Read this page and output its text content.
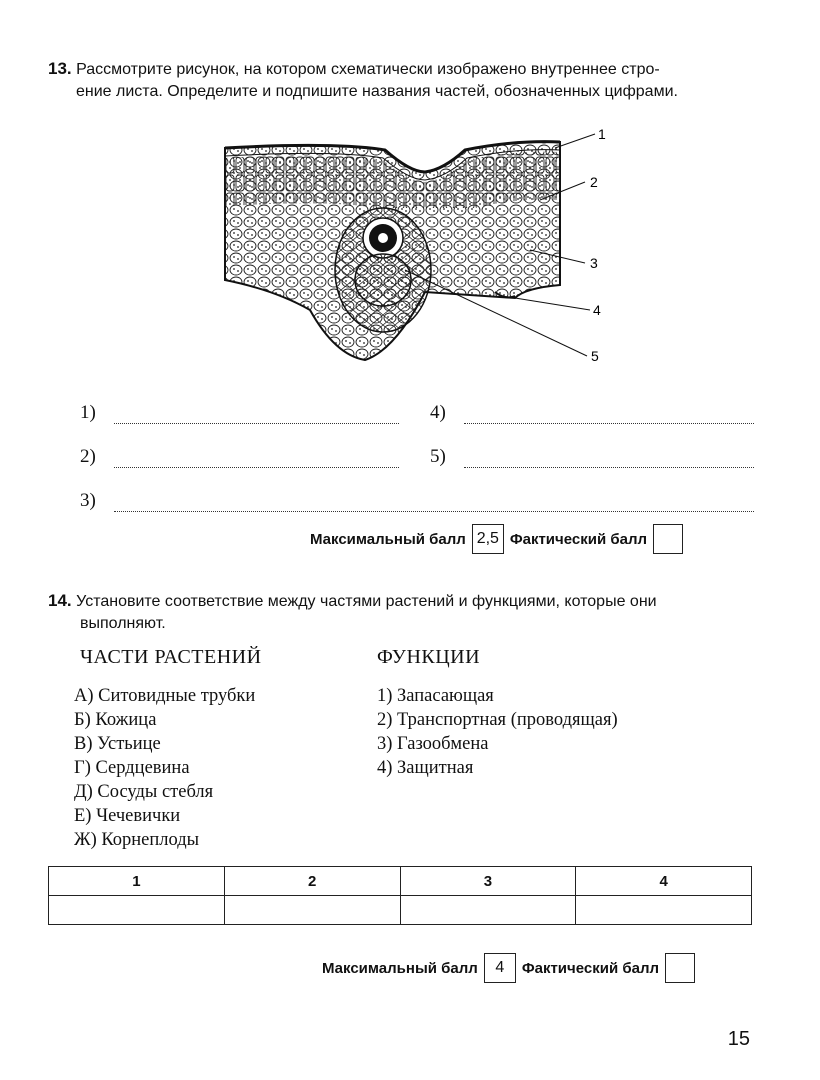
13. Рассмотрите рисунок, на котором схематически изображено внутреннее стро-
ение листа. Определите и подпишите названия частей, обозначенных цифрами.
1
2
3
4
5
1)	4)
2)	5)
3)
Максимальный балл 2,5 Фактический балл
14. Установите соответствие между частями растений и функциями, которые они
выполняют.
ЧАСТИ РАСТЕНИЙ	ФУНКЦИИ
А) Ситовидные трубки
Б) Кожица
В) Устьице
Г) Сердцевина
Д) Сосуды стебля
Е) Чечевички
Ж) Корнеплоды
1) Запасающая
2) Транспортная (проводящая)
3) Газообмена
4) Защитная
1	2	3	4

Максимальный балл	4	Фактический балл
15
